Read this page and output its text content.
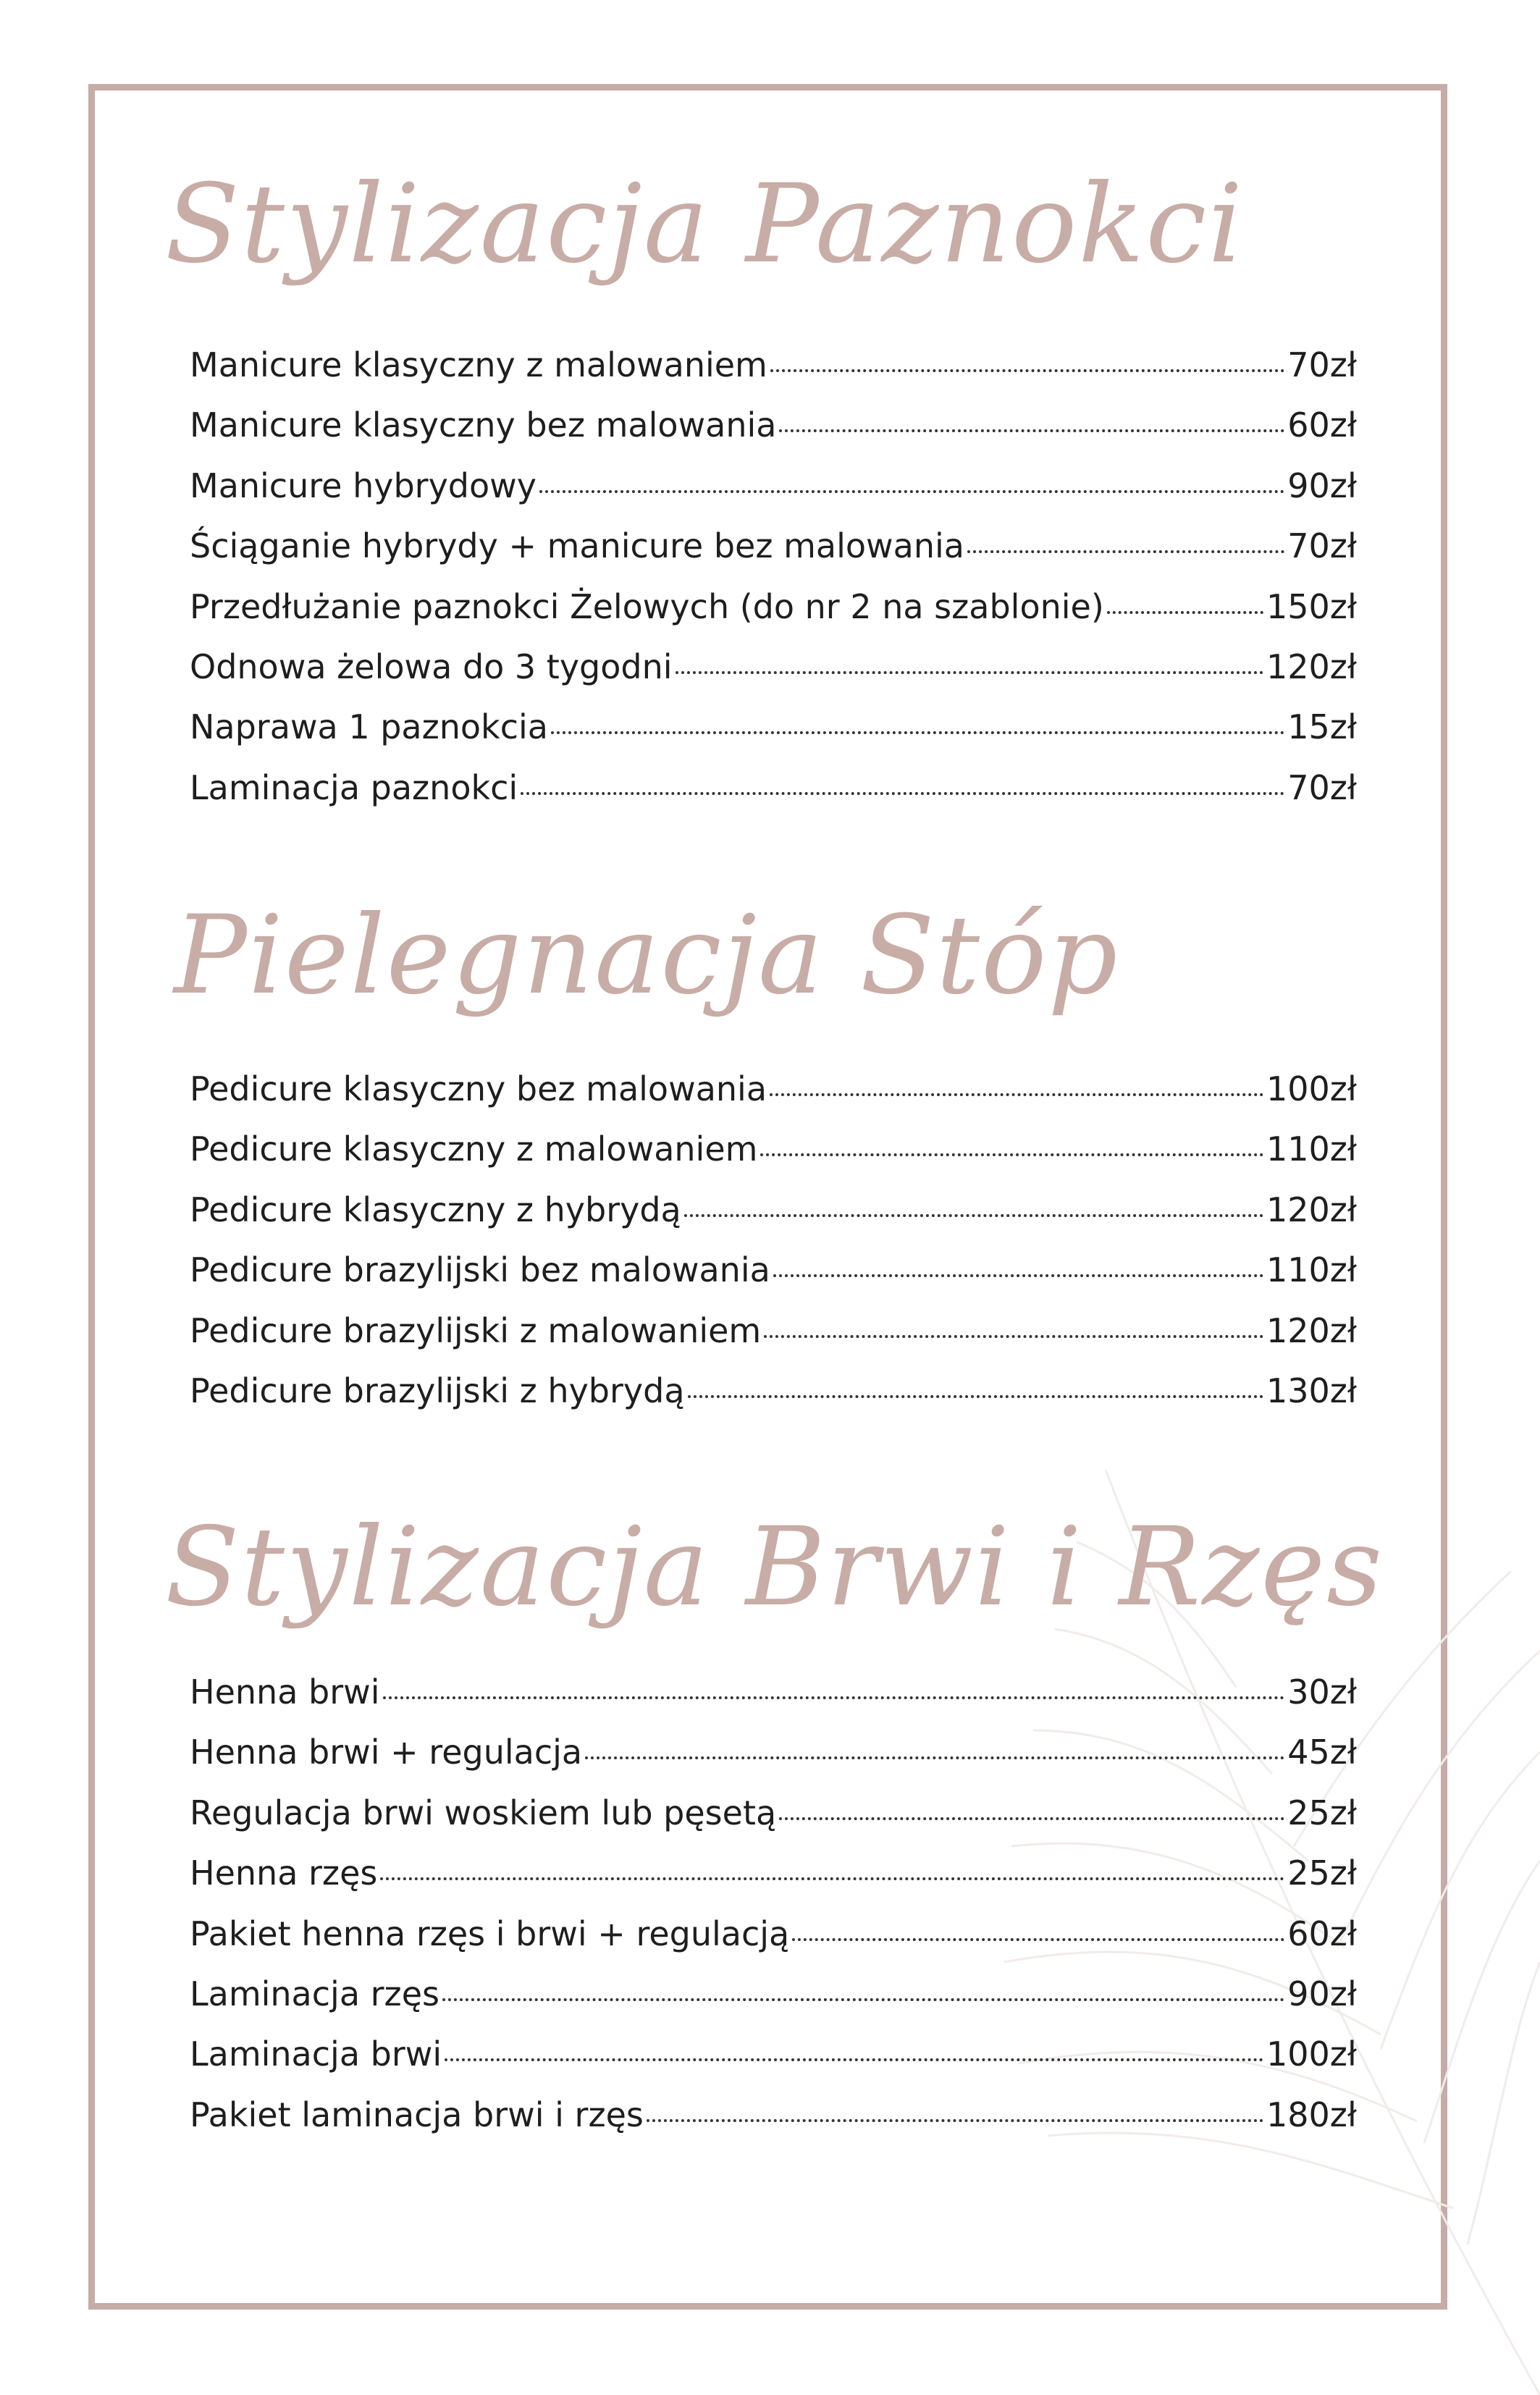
Stylizacja Paznokci
Manicure klasyczny z malowaniem	70zł
Manicure klasyczny bez malowania	60zł
Manicure hybrydowy	90zł
Ściąganie hybrydy + manicure bez malowania	70zł
Przedłużanie paznokci Żelowych (do nr 2 na szablonie)	150zł
Odnowa żelowa do 3 tygodni	120zł
Naprawa 1 paznokcia	15zł
Laminacja paznokci	70zł
Pielegnacja Stóp
Pedicure klasyczny bez malowania	100zł
Pedicure klasyczny z malowaniem	110zł
Pedicure klasyczny z hybrydą	120zł
Pedicure brazylijski bez malowania	110zł
Pedicure brazylijski z malowaniem	120zł
Pedicure brazylijski z hybrydą	130zł
Stylizacja Brwi i Rzęs
Henna brwi	30zł
Henna brwi + regulacja	45zł
Regulacja brwi woskiem lub pęsetą	25zł
Henna rzęs	25zł
Pakiet henna rzęs i brwi + regulacją	60zł
Laminacja rzęs	90zł
Laminacja brwi	100zł
Pakiet laminacja brwi i rzęs	180zł
